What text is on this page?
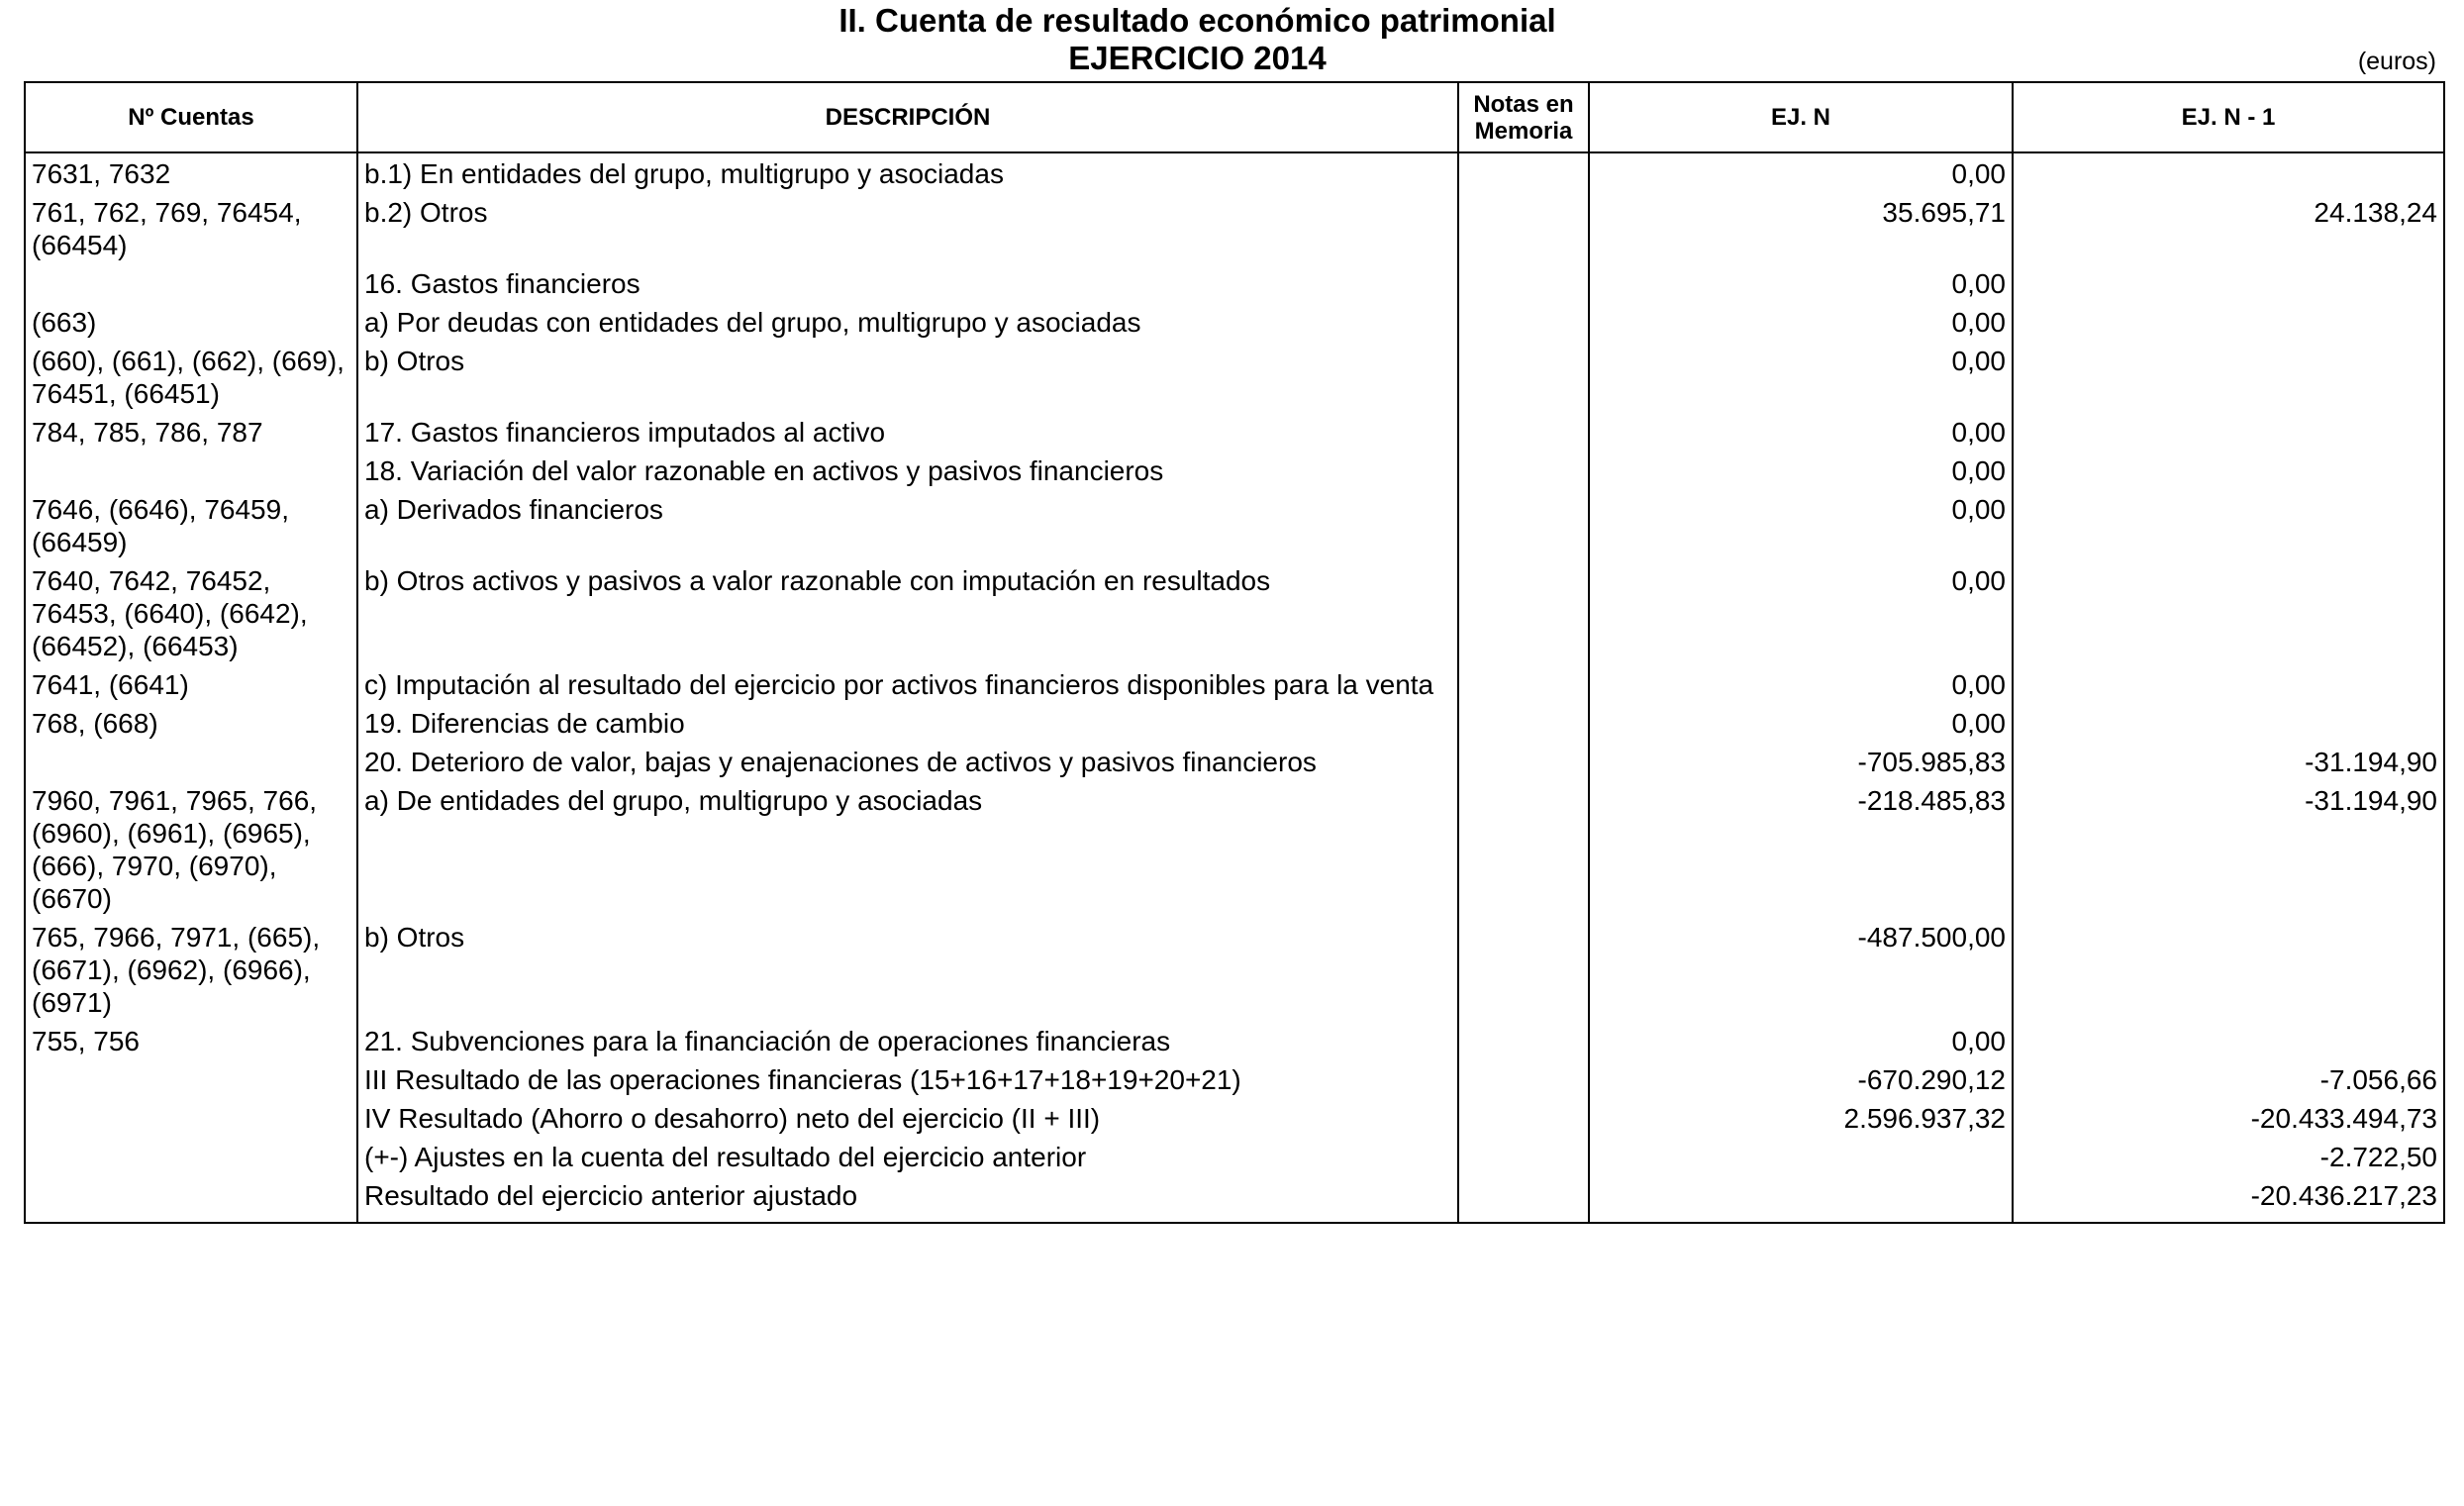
II. Cuenta de resultado económico patrimonial
EJERCICIO 2014	(euros)
Nº Cuentas	DESCRIPCIÓN	Notas en Memoria	EJ. N	EJ. N - 1
7631, 7632	b.1) En entidades del grupo, multigrupo y asociadas		0,00	
761, 762, 769, 76454, (66454)	b.2) Otros		35.695,71	24.138,24
	16. Gastos financieros		0,00	
(663)	a) Por deudas con entidades del grupo, multigrupo y asociadas		0,00	
(660), (661), (662), (669), 76451, (66451)	b) Otros		0,00	
784, 785, 786, 787	17. Gastos financieros imputados al activo		0,00	
	18. Variación del valor razonable en activos y pasivos financieros		0,00	
7646, (6646), 76459, (66459)	a) Derivados financieros		0,00	
7640, 7642, 76452, 76453, (6640), (6642), (66452), (66453)	b) Otros activos y pasivos a valor razonable con imputación en resultados		0,00	
7641, (6641)	c) Imputación al resultado del ejercicio por activos financieros disponibles para la venta		0,00	
768, (668)	19. Diferencias de cambio		0,00	
	20. Deterioro de valor, bajas y enajenaciones de activos y pasivos financieros		-705.985,83	-31.194,90
7960, 7961, 7965, 766, (6960), (6961), (6965), (666), 7970, (6970), (6670)	a) De entidades del grupo, multigrupo y asociadas		-218.485,83	-31.194,90
765, 7966, 7971, (665), (6671), (6962), (6966), (6971)	b) Otros		-487.500,00	
755, 756	21. Subvenciones para la financiación de operaciones financieras		0,00	
	III Resultado de las operaciones financieras (15+16+17+18+19+20+21)		-670.290,12	-7.056,66
	IV Resultado (Ahorro o desahorro) neto del ejercicio (II + III)		2.596.937,32	-20.433.494,73
	(+-) Ajustes en la cuenta del resultado del ejercicio anterior			-2.722,50
	Resultado del ejercicio anterior ajustado			-20.436.217,23
